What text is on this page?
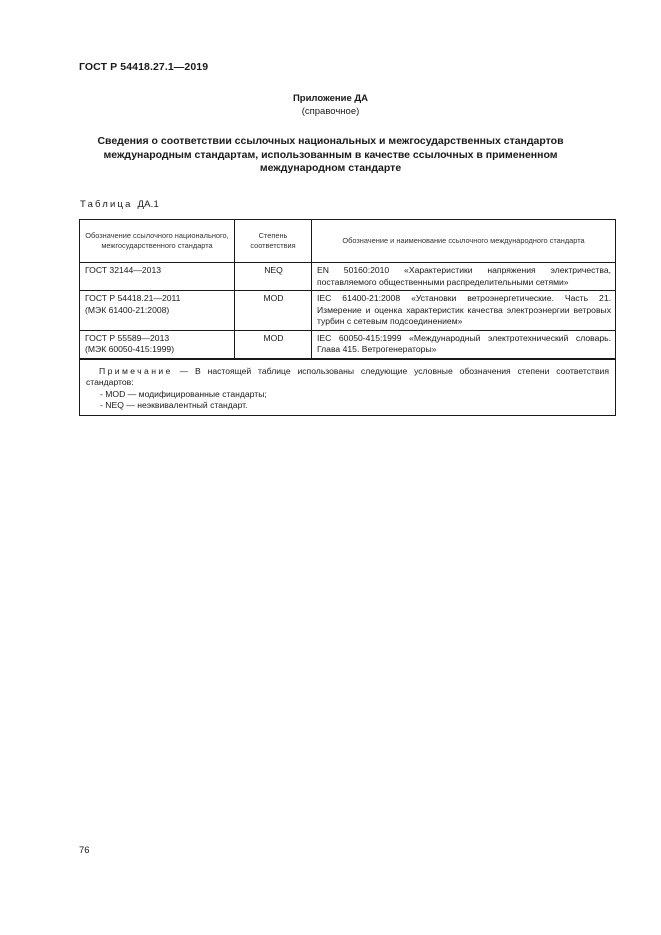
ГОСТ Р 54418.27.1—2019
Приложение ДА
(справочное)
Сведения о соответствии ссылочных национальных и межгосударственных стандартов
международным стандартам, использованным в качестве ссылочных в примененном
международном стандарте
Таблица ДА.1
Обозначение ссылочного национального, межгосударственного стандарта	Степень соответствия	Обозначение и наименование ссылочного международного стандарта

ГОСТ 32144—2013	NEQ	EN 50160:2010 «Характеристики напряжения электричества, поставляемого общественными распределительными сетями»

ГОСТ Р 54418.21—2011
(МЭК 61400-21:2008)	MOD	IEC 61400-21:2008 «Установки ветроэнергетические. Часть 21. Измерение и оценка характеристик качества электроэнергии ветровых турбин с сетевым подсоединением»

ГОСТ Р 55589—2013
(МЭК 60050-415:1999)	MOD	IEC 60050-415:1999 «Международный электротехнический словарь. Глава 415. Ветрогенераторы»

Примечание — В настоящей таблице использованы следующие условные обозначения степени соответствия стандартов:
- MOD — модифицированные стандарты;
- NEQ — неэквивалентный стандарт.		
76
